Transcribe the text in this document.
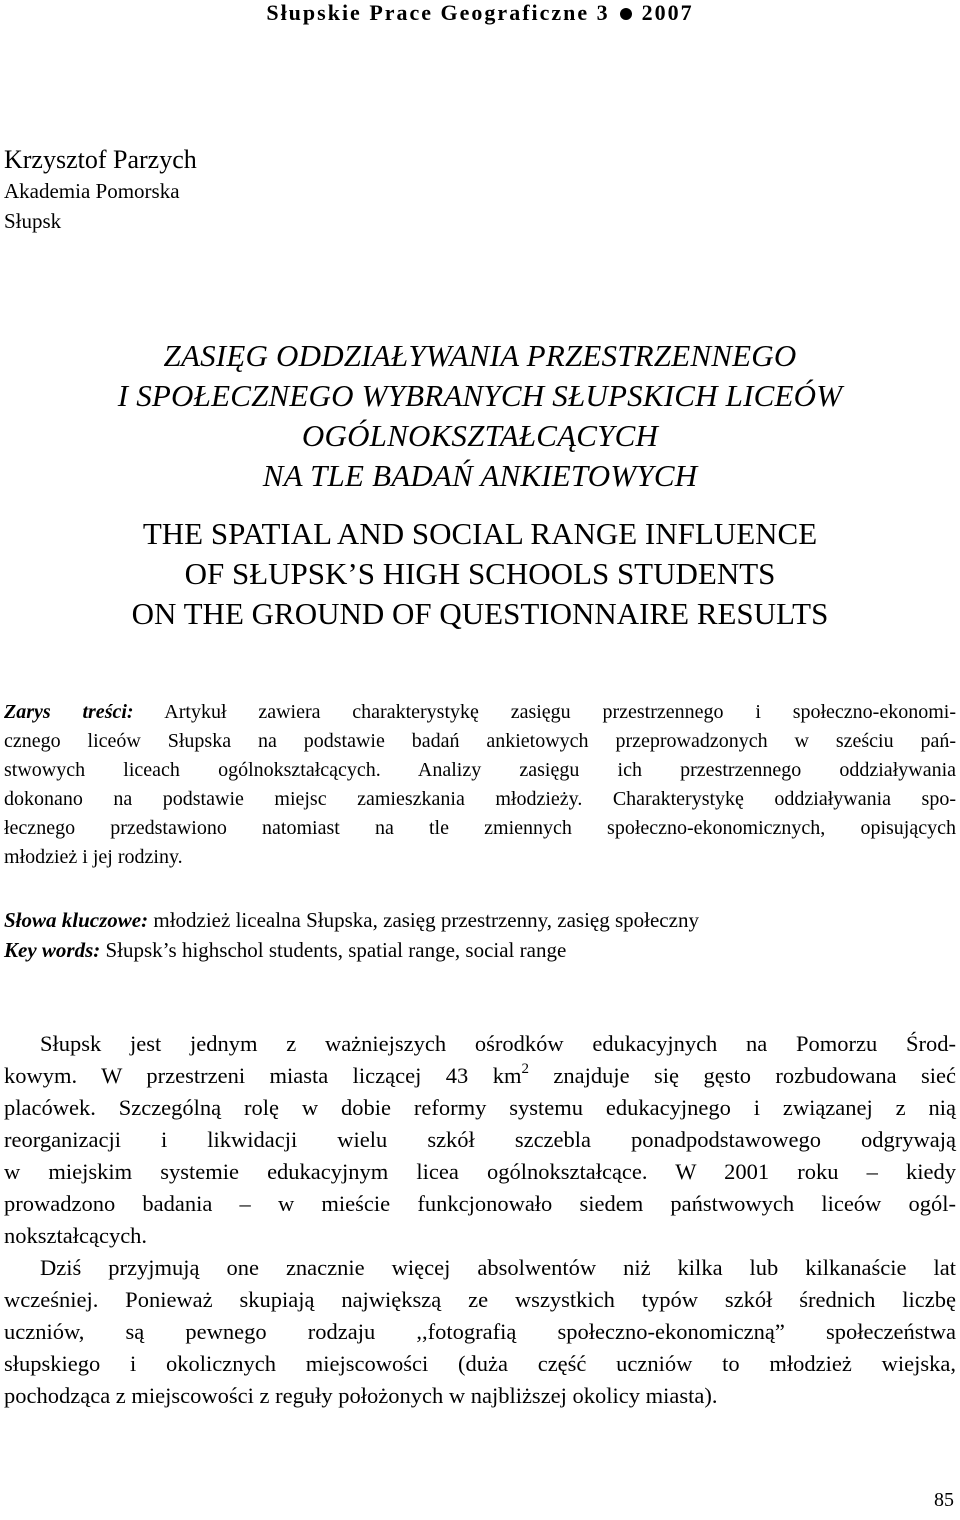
Słupskie Prace Geograficzne 3 2007
Krzysztof Parzych
Akademia Pomorska
Słupsk
ZASIĘG ODDZIAŁYWANIA PRZESTRZENNEGO
I SPOŁECZNEGO WYBRANYCH SŁUPSKICH LICEÓW
OGÓLNOKSZTAŁCĄCYCH
NA TLE BADAŃ ANKIETOWYCH
THE SPATIAL AND SOCIAL RANGE INFLUENCE
OF SŁUPSK’S HIGH SCHOOLS STUDENTS
ON THE GROUND OF QUESTIONNAIRE RESULTS
Zarys treści: Artykuł zawiera charakterystykę zasięgu przestrzennego i społeczno-ekonomi-
cznego liceów Słupska na podstawie badań ankietowych przeprowadzonych w sześciu pań-
stwowych liceach ogólnokształcących. Analizy zasięgu ich przestrzennego oddziaływania
dokonano na podstawie miejsc zamieszkania młodzieży. Charakterystykę oddziaływania spo-
łecznego przedstawiono natomiast na tle zmiennych społeczno-ekonomicznych, opisujących
młodzież i jej rodziny.
Słowa kluczowe: młodzież licealna Słupska, zasięg przestrzenny, zasięg społeczny
Key words: Słupsk’s highschol students, spatial range, social range
Słupsk jest jednym z ważniejszych ośrodków edukacyjnych na Pomorzu Środ-
kowym. W przestrzeni miasta liczącej 43 $km^2$ znajduje się gęsto rozbudowana sieć
placówek. Szczególną rolę w dobie reformy systemu edukacyjnego i związanej z nią
reorganizacji i likwidacji wielu szkół szczebla ponadpodstawowego odgrywają
w miejskim systemie edukacyjnym licea ogólnokształcące. W 2001 roku – kiedy
prowadzono badania – w mieście funkcjonowało siedem państwowych liceów ogól-
nokształcących.
Dziś przyjmują one znacznie więcej absolwentów niż kilka lub kilkanaście lat
wcześniej. Ponieważ skupiają największą ze wszystkich typów szkół średnich liczbę
uczniów, są pewnego rodzaju ,,fotografią społeczno-ekonomiczną” społeczeństwa
słupskiego i okolicznych miejscowości (duża część uczniów to młodzież wiejska,
pochodząca z miejscowości z reguły położonych w najbliższej okolicy miasta).
85
